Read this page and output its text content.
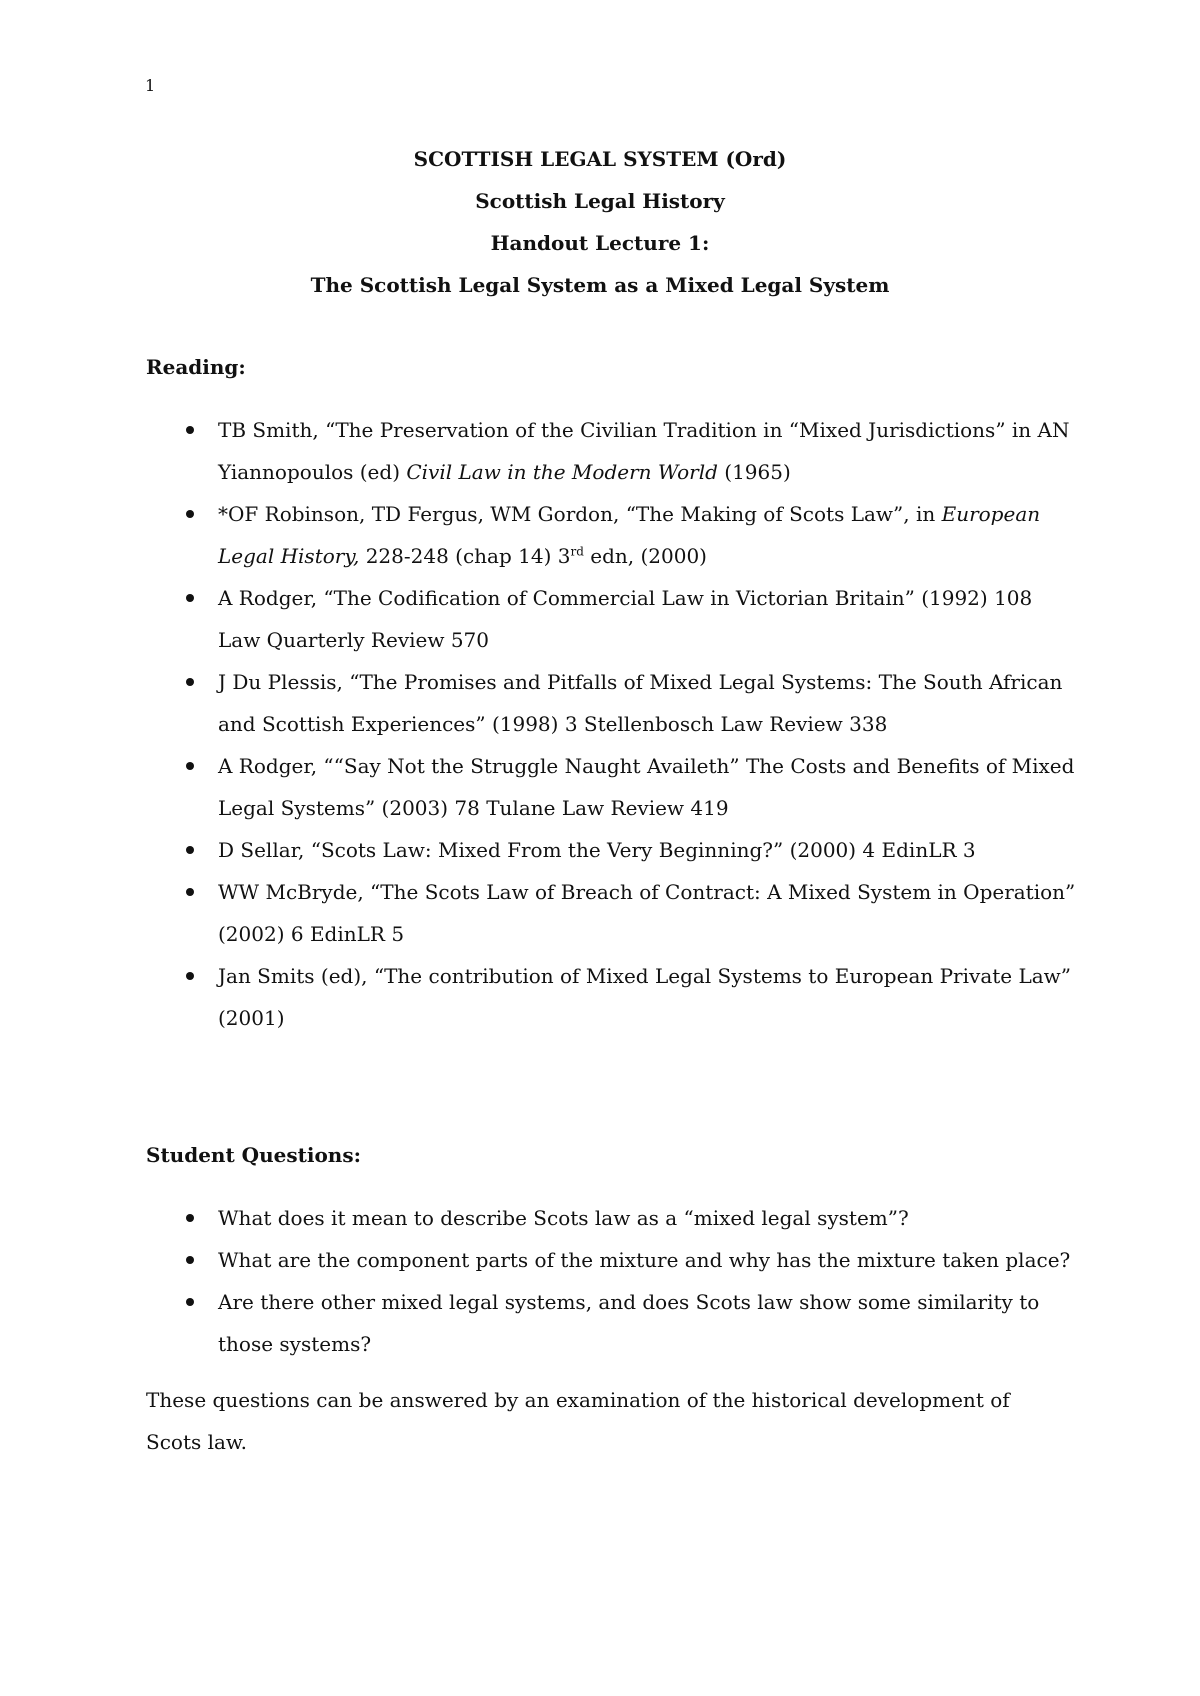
1
SCOTTISH LEGAL SYSTEM (Ord)
Scottish Legal History
Handout Lecture 1:
The Scottish Legal System as a Mixed Legal System
Reading:
TB Smith, “The Preservation of the Civilian Tradition in “Mixed Jurisdictions” in AN Yiannopoulos (ed) Civil Law in the Modern World (1965)
*OF Robinson, TD Fergus, WM Gordon, “The Making of Scots Law”, in European Legal History, 228-248 (chap 14) 3rd edn, (2000)
A Rodger, “The Codification of Commercial Law in Victorian Britain” (1992) 108 Law Quarterly Review 570
J Du Plessis, “The Promises and Pitfalls of Mixed Legal Systems: The South African and Scottish Experiences” (1998) 3 Stellenbosch Law Review 338
A Rodger, ““Say Not the Struggle Naught Availeth” The Costs and Benefits of Mixed Legal Systems” (2003) 78 Tulane Law Review 419
D Sellar, “Scots Law: Mixed From the Very Beginning?” (2000) 4 EdinLR 3
WW McBryde, “The Scots Law of Breach of Contract: A Mixed System in Operation” (2002) 6 EdinLR 5
Jan Smits (ed), “The contribution of Mixed Legal Systems to European Private Law” (2001)
Student Questions:
What does it mean to describe Scots law as a “mixed legal system”?
What are the component parts of the mixture and why has the mixture taken place?
Are there other mixed legal systems, and does Scots law show some similarity to those systems?

These questions can be answered by an examination of the historical development of Scots law.
